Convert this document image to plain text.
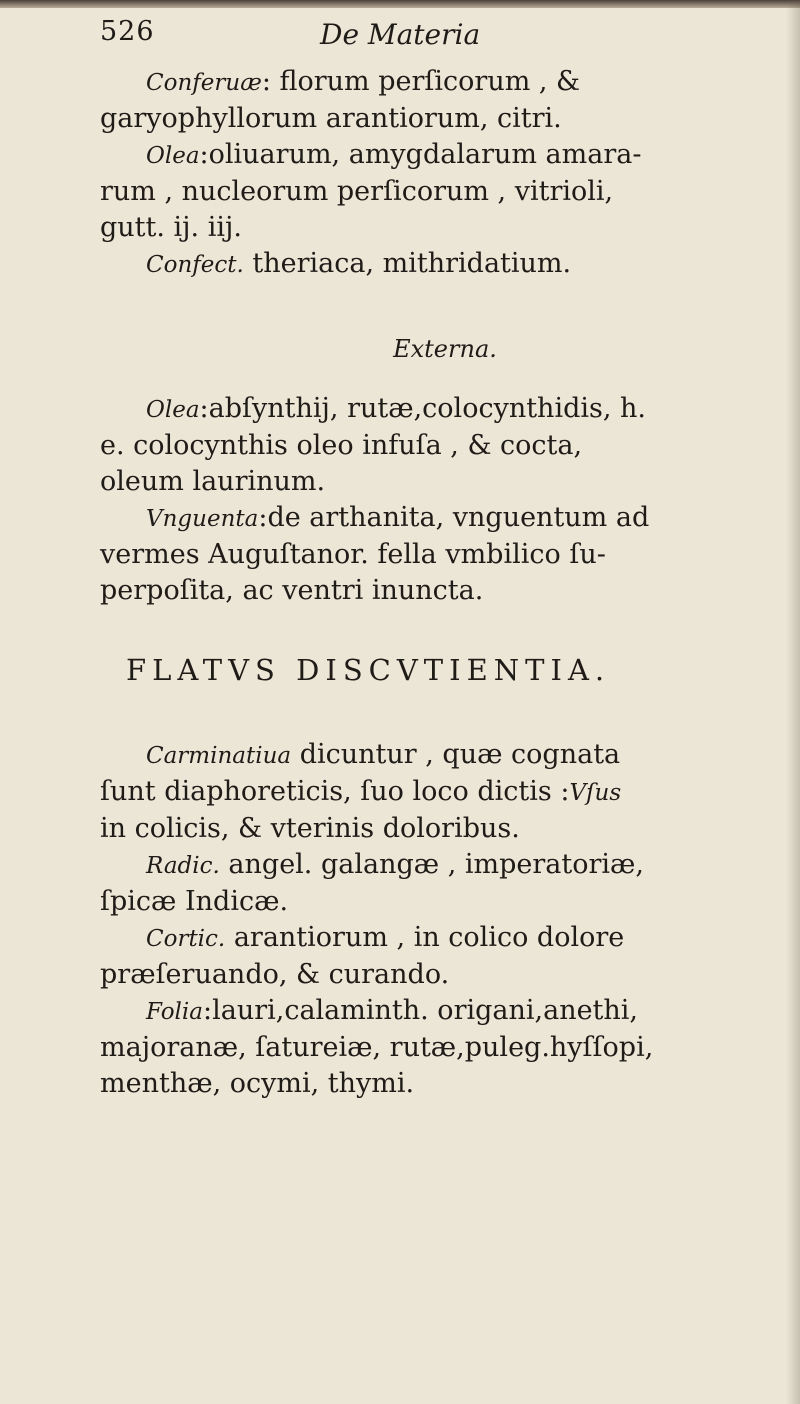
526	De Materia

Conferuæ: florum perſicorum , &

garyophyllorum arantiorum, citri.

Olea:oliuarum, amygdalarum amara-

rum , nucleorum perſicorum , vitrioli,

gutt. ij. iij.

Confect. theriaca, mithridatium.

Externa.

Olea:abſynthij, rutæ,colocynthidis, h.

e. colocynthis oleo infuſa , & cocta,

oleum laurinum.

Vnguenta:de arthanita, vnguentum ad

vermes Auguſtanor. fella vmbilico ſu-

perpoſita, ac ventri inuncta.

FLATVS DISCVTIENTIA.

Carminatiua dicuntur , quæ cognata

ſunt diaphoreticis, ſuo loco dictis :Vſus

in colicis, & vterinis doloribus.

Radic. angel. galangæ , imperatoriæ,

ſpicæ Indicæ.

Cortic. arantiorum , in colico dolore

præſeruando, & curando.

Folia:lauri,calaminth. origani,anethi,

majoranæ, ſatureiæ, rutæ,puleg.hyſſopi,

menthæ, ocymi, thymi.
